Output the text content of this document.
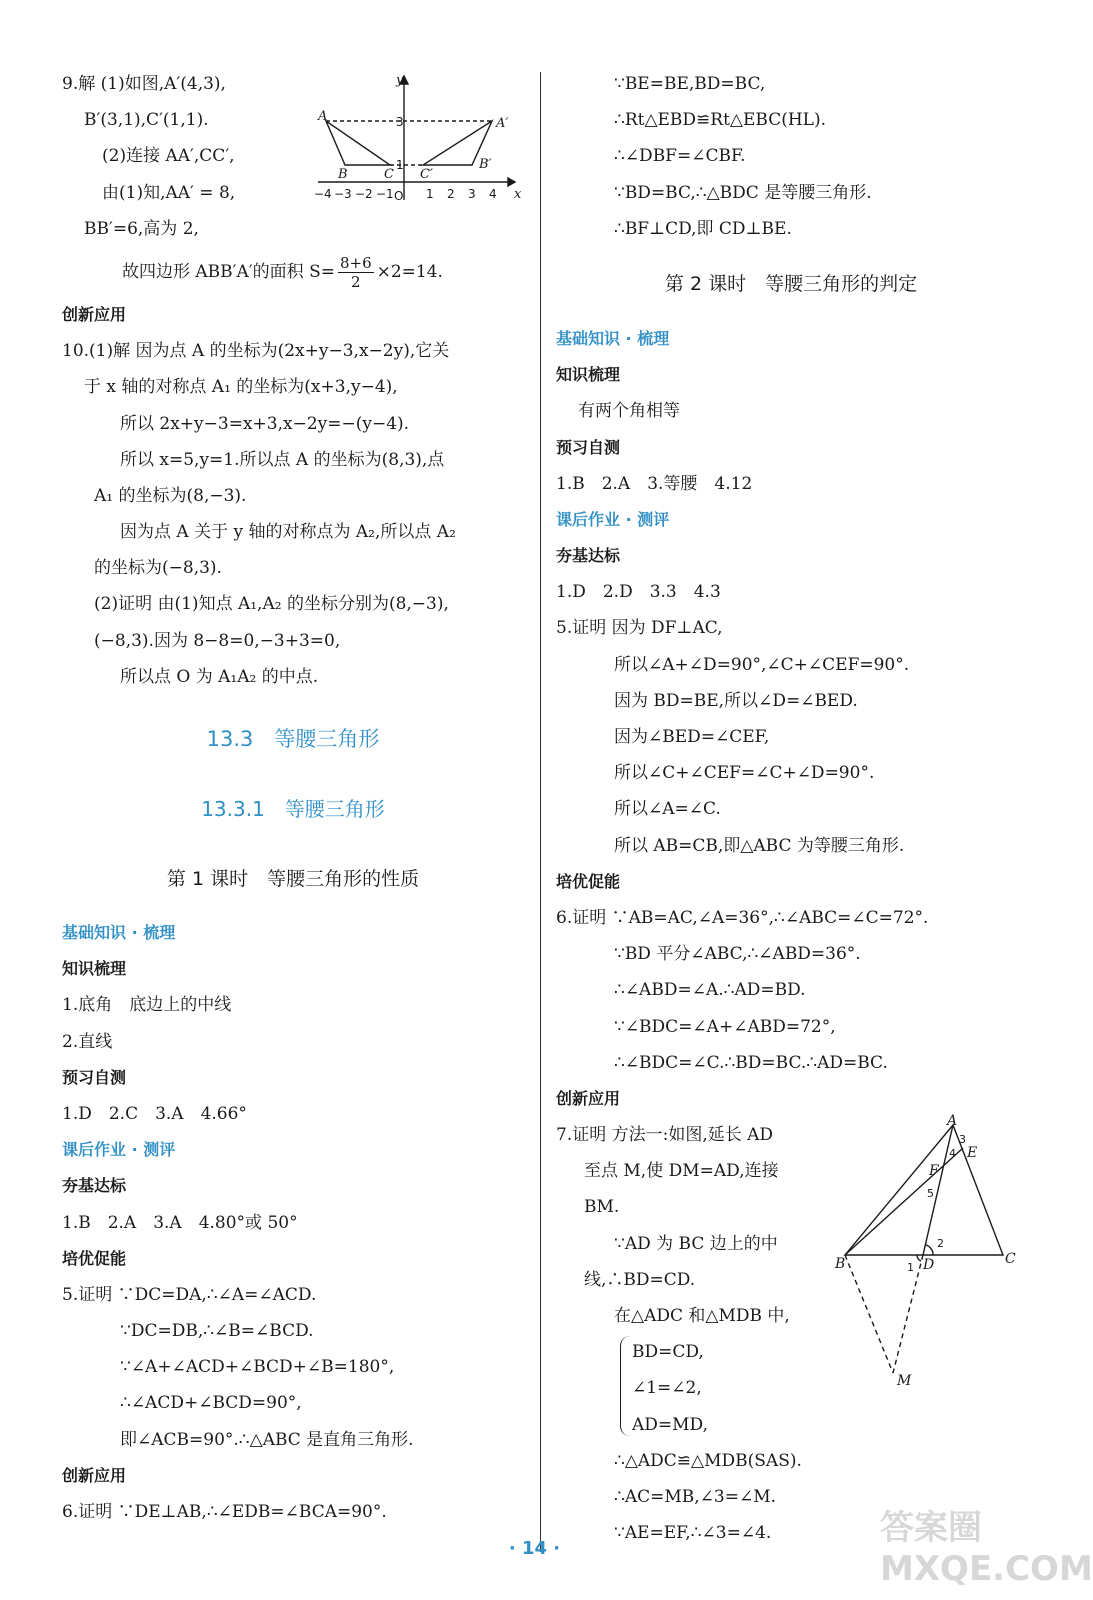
9.解 (1)如图,A′(4,3),
B′(3,1),C′(1,1).
(2)连接 AA′,CC′,
由(1)知,AA′ = 8,
BB′=6,高为 2,
故四边形 ABB′A′的面积 $S= \frac{8+6}{2} \times 2=14$.
创新应用
10.(1)解 因为点 A 的坐标为(2x+y−3,x−2y),它关
于 x 轴的对称点 A₁ 的坐标为(x+3,y−4),
所以 2x+y−3=x+3,x−2y=−(y−4).
所以 x=5,y=1.所以点 A 的坐标为(8,3),点
A₁ 的坐标为(8,−3).
因为点 A 关于 y 轴的对称点为 A₂,所以点 A₂
的坐标为(−8,3).
(2)证明 由(1)知点 A₁,A₂ 的坐标分别为(8,−3),
(−8,3).因为 8−8=0,−3+3=0,
所以点 O 为 A₁A₂ 的中点.
13.3　等腰三角形
13.3.1　等腰三角形
第 1 课时　等腰三角形的性质
基础知识 · 梳理
知识梳理
1.底角　底边上的中线
2.直线
预习自测
1.D　2.C　3.A　4.66°
课后作业 · 测评
夯基达标
1.B　2.A　3.A　4.80°或 50°
培优促能
5.证明 ∵DC=DA,∴∠A=∠ACD.
∵DC=DB,∴∠B=∠BCD.
∵∠A+∠ACD+∠BCD+∠B=180°,
∴∠ACD+∠BCD=90°,
即∠ACB=90°.∴△ABC 是直角三角形.
创新应用
6.证明 ∵DE⊥AB,∴∠EDB=∠BCA=90°.
y
x
A	A′
B
B′
C C′
O
3
1
−4 −3 −2 −1	1 2 3 4
∵BE=BE,BD=BC,
∴Rt△EBD≌Rt△EBC(HL).
∴∠DBF=∠CBF.
∵BD=BC,∴△BDC 是等腰三角形.
∴BF⊥CD,即 CD⊥BE.
第 2 课时　等腰三角形的判定
基础知识 · 梳理
知识梳理
有两个角相等
预习自测
1.B　2.A　3.等腰　4.12
课后作业 · 测评
夯基达标
1.D　2.D　3.3　4.3
5.证明 因为 DF⊥AC,
所以∠A+∠D=90°,∠C+∠CEF=90°.
因为 BD=BE,所以∠D=∠BED.
因为∠BED=∠CEF,
所以∠C+∠CEF=∠C+∠D=90°.
所以∠A=∠C.
所以 AB=CB,即△ABC 为等腰三角形.
培优促能
6.证明 ∵AB=AC,∠A=36°,∴∠ABC=∠C=72°.
∵BD 平分∠ABC,∴∠ABD=36°.
∴∠ABD=∠A.∴AD=BD.
∵∠BDC=∠A+∠ABD=72°,
∴∠BDC=∠C.∴BD=BC.∴AD=BC.
创新应用
7.证明 方法一:如图,延长 AD
至点 M,使 DM=AD,连接
BM.
∵AD 为 BC 边上的中
线,∴BD=CD.
在△ADC 和△MDB 中,
BD=CD,
∠1=∠2,
AD=MD,
∴△ADC≌△MDB(SAS).
∴AC=MB,∠3=∠M.
∵AE=EF,∴∠3=∠4.
A
B	C
D
E
F
M
1
2
3
4
5
· 14 ·
答案圈 MXQE.COM
